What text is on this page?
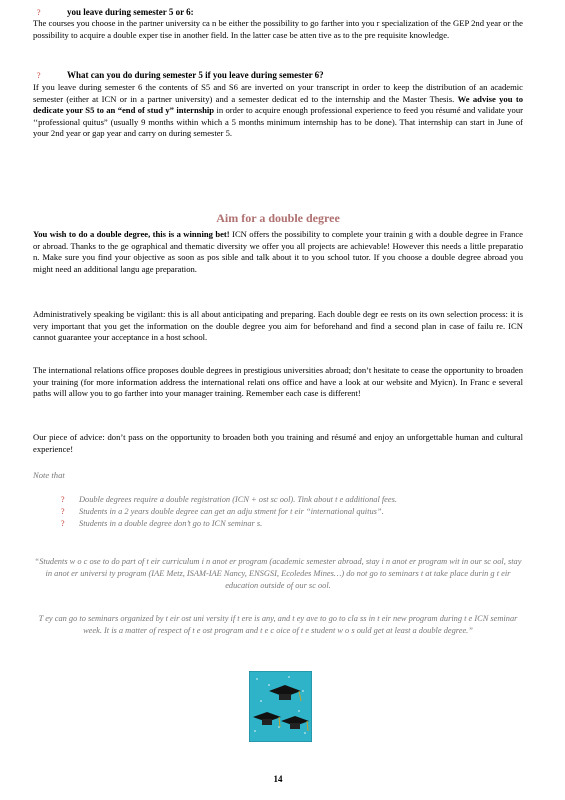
?	you leave during semester 5 or 6:
The courses you choose in the partner university ca n be either the possibility to go farther into you r specialization of the GEP 2nd year or the possibility to acquire a double exper tise in another field. In the latter case be atten tive as to the pre requisite knowledge.
?	What can you do during semester 5 if you leave during semester 6?
If you leave during semester 6 the contents of S5 and S6 are inverted on your transcript in order to keep the distribution of an academic semester (either at ICN or in a partner university) and a semester dedicat ed to the internship and the Master Thesis. We advise you to dedicate your S5 to an “end of stud y” internship in order to acquire enough professional experience to feed you résumé and validate your ‘‘professional quitus” (usually 9 months within which a 5 months minimum internship has to be done). That internship can start in June of your 2nd year or gap year and carry on during semester 5.
Aim for a double degree
You wish to do a double degree, this is a winning bet! ICN offers the possibility to complete your trainin g with a double degree in France or abroad. Thanks to the ge ographical and thematic diversity we offer you all projects are achievable! However this needs a little preparatio n. Make sure you find your objective as soon as pos sible and talk about it to you school tutor. If you choose a double degree abroad you might need an additional langu age preparation.
Administratively speaking be vigilant: this is all about anticipating and preparing. Each double degr ee rests on its own selection process: it is very important that you get the information on the double degree you aim for beforehand and find a second plan in case of failu re. ICN cannot guarantee your acceptance in a host school.
The international relations office proposes double degrees in prestigious universities abroad; don’t hesitate to cease the opportunity to broaden your training (for more information address the international relati ons office and have a look at our website and Myicn). In Franc e several paths will allow you to go farther into your manager training. Remember each case is different!
Our piece of advice: don’t pass on the opportunity to broaden both you training and résumé and enjoy an unforgettable human and cultural experience!
Note that
? Double degrees require a double registration (ICN + ost sc ool). Tink about t e additional fees.
? Students in a 2 years double degree can get an adju stment for t eir “international quitus”.
? Students in a double degree don’t go to ICN seminar s.
“Students w o c ose to do part of t eir curriculum i n anot er program (academic semester abroad, stay i n anot er program wit in our sc ool, stay in anot er universi ty program (IAE Metz, ISAM-IAE Nancy, ENSGSI, Ecoledes Mines…) do not go to seminars t at take place durin g t eir education outside of our sc ool.
T ey can go to seminars organized by t eir ost uni versity if t ere is any, and t ey ave to go to cla ss in t eir new program during t e ICN seminar week. It is a matter of respect of t e ost program and t e c oice of t e student w o s ould get at least a double degree.”
14
